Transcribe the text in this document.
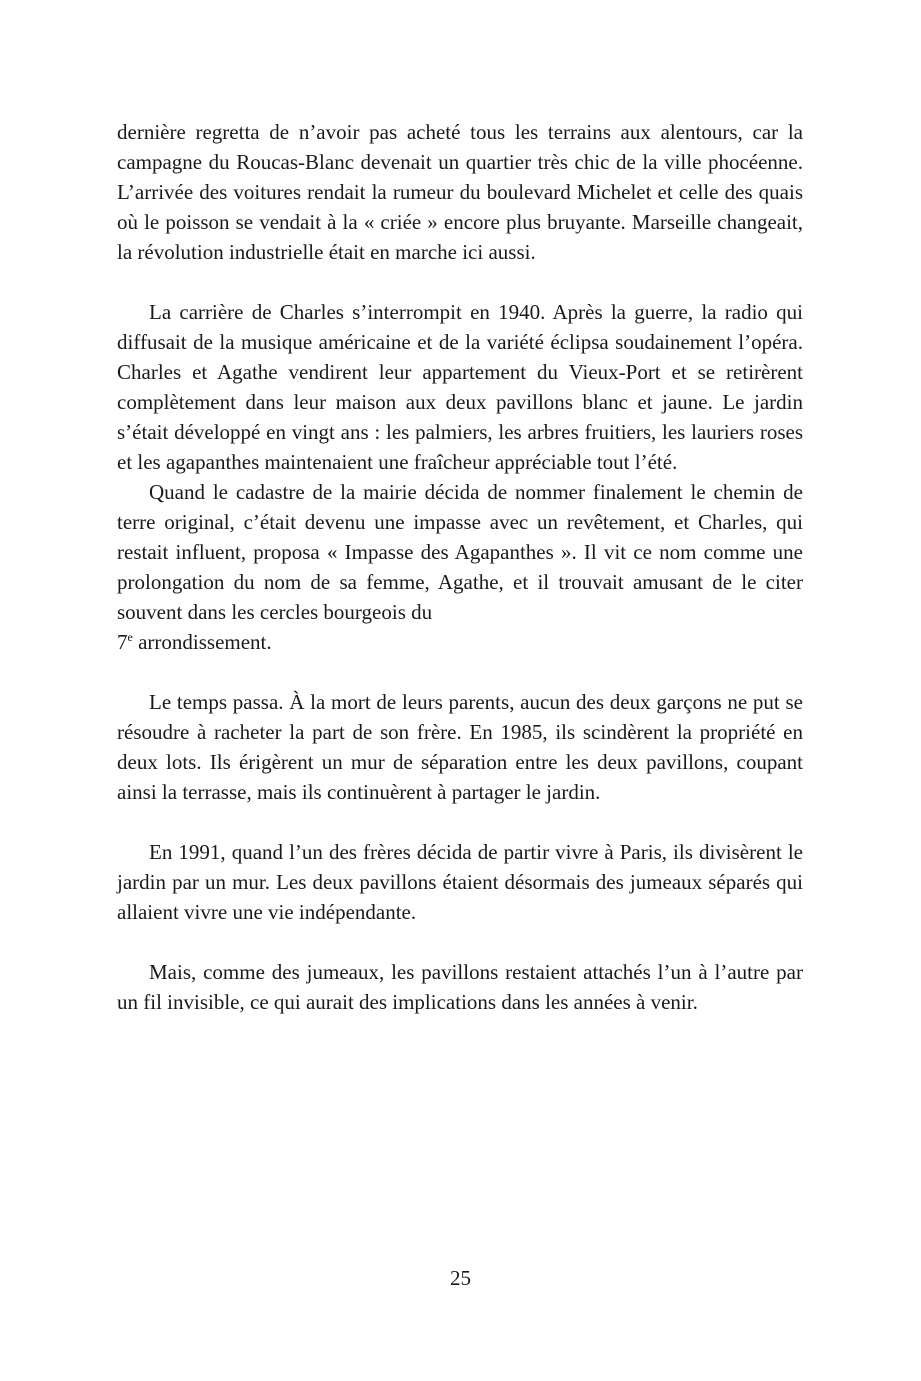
dernière regretta de n’avoir pas acheté tous les terrains aux alentours, car la campagne du Roucas-Blanc devenait un quartier très chic de la ville phocéenne. L’arrivée des voitures rendait la rumeur du boulevard Michelet et celle des quais où le poisson se vendait à la « criée » encore plus bruyante. Marseille changeait, la révolution industrielle était en marche ici aussi.

La carrière de Charles s’interrompit en 1940. Après la guerre, la radio qui diffusait de la musique américaine et de la variété éclipsa soudainement l’opéra. Charles et Agathe vendirent leur appartement du Vieux-Port et se retirèrent complètement dans leur maison aux deux pavillons blanc et jaune. Le jardin s’était développé en vingt ans : les palmiers, les arbres fruitiers, les lauriers roses et les agapanthes maintenaient une fraîcheur appréciable tout l’été.

Quand le cadastre de la mairie décida de nommer finalement le chemin de terre original, c’était devenu une impasse avec un revêtement, et Charles, qui restait influent, proposa « Impasse des Agapanthes ». Il vit ce nom comme une prolongation du nom de sa femme, Agathe, et il trouvait amusant de le citer souvent dans les cercles bourgeois du
7e arrondissement.

Le temps passa. À la mort de leurs parents, aucun des deux garçons ne put se résoudre à racheter la part de son frère. En 1985, ils scindèrent la propriété en deux lots. Ils érigèrent un mur de séparation entre les deux pavillons, coupant ainsi la terrasse, mais ils continuèrent à partager le jardin.

En 1991, quand l’un des frères décida de partir vivre à Paris, ils divisèrent le jardin par un mur. Les deux pavillons étaient désormais des jumeaux séparés qui allaient vivre une vie indépendante.

Mais, comme des jumeaux, les pavillons restaient attachés l’un à l’autre par un fil invisible, ce qui aurait des implications dans les années à venir.

25
